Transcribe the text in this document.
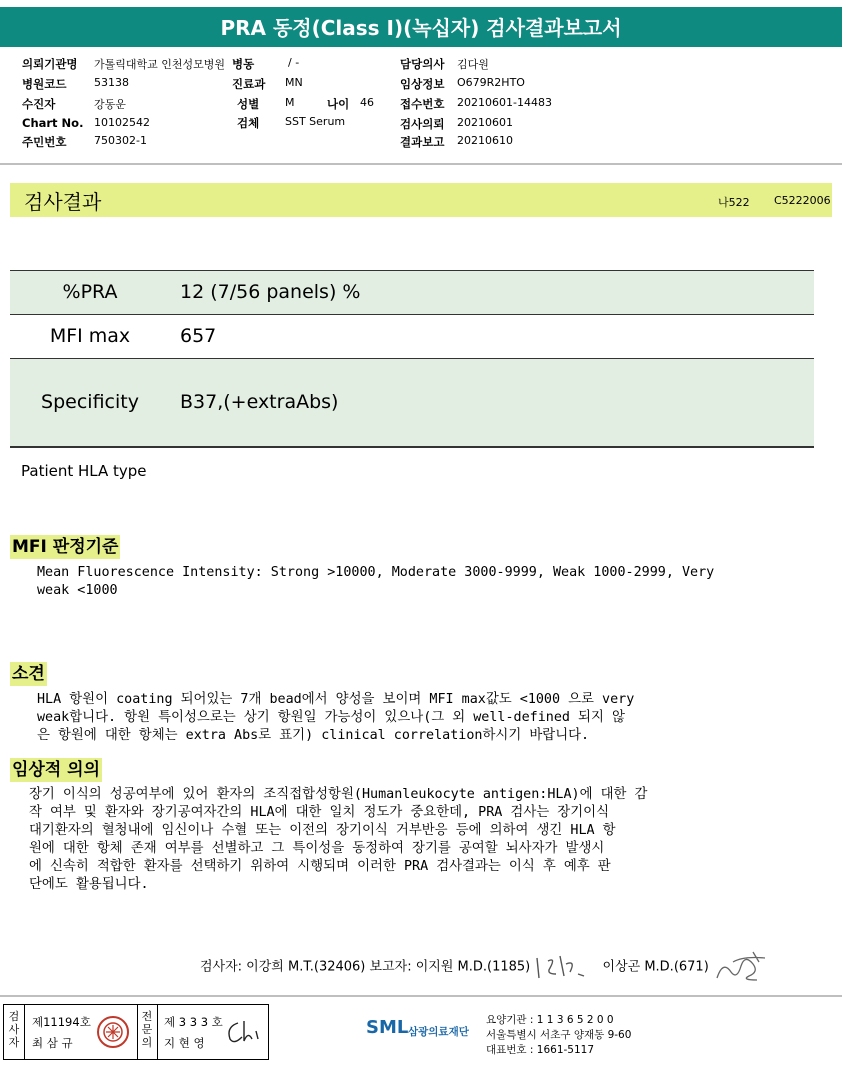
PRA 동정(Class I)(녹십자) 검사결과보고서
의뢰기관명 가톨릭대학교 인천성모병원
병원코드	53138
수진자	강동운
Chart No. 10102542
주민번호	750302-1
병동	/ -
진료과 MN
성별 M	나이 46
검체 SST Serum
담당의사 김다원
임상정보 O679R2HTO
접수번호 20210601-14483
검사의뢰 20210601
결과보고 20210610
검사결과	나522 C5222006
%PRA	12 (7/56 panels) %
MFI max	657
Specificity	B37,(+extraAbs)
Patient HLA type
MFI 판정기준
Mean Fluorescence Intensity: Strong >10000, Moderate 3000-9999, Weak 1000-2999, Very
weak <1000
소견
HLA 항원이 coating 되어있는 7개 bead에서 양성을 보이며 MFI max값도 <1000 으로 very
weak합니다. 항원 특이성으로는 상기 항원일 가능성이 있으나(그 외 well-defined 되지 않
은 항원에 대한 항체는 extra Abs로 표기) clinical correlation하시기 바랍니다.
임상적 의의
장기 이식의 성공여부에 있어 환자의 조직접합성항원(Humanleukocyte antigen:HLA)에 대한 감
작 여부 및 환자와 장기공여자간의 HLA에 대한 일치 정도가 중요한데, PRA 검사는 장기이식
대기환자의 혈청내에 임신이나 수혈 또는 이전의 장기이식 거부반응 등에 의하여 생긴 HLA 항
원에 대한 항체 존재 여부를 선별하고 그 특이성을 동정하여 장기를 공여할 뇌사자가 발생시
에 신속히 적합한 환자를 선택하기 위하여 시행되며 이러한 PRA 검사결과는 이식 후 예후 판
단에도 활용됩니다.
검사자: 이강희 M.T.(32406) 보고자: 이지원 M.D.(1185)	이상곤 M.D.(671)
검사자
제11194호
최 삼 규
전문의
제 3 3 3 호
지 현 영
SML 삼광의료재단
요양기관 : 1 1 3 6 5 2 0 0
서울특별시 서초구 양재동 9-60
대표번호 : 1661-5117
